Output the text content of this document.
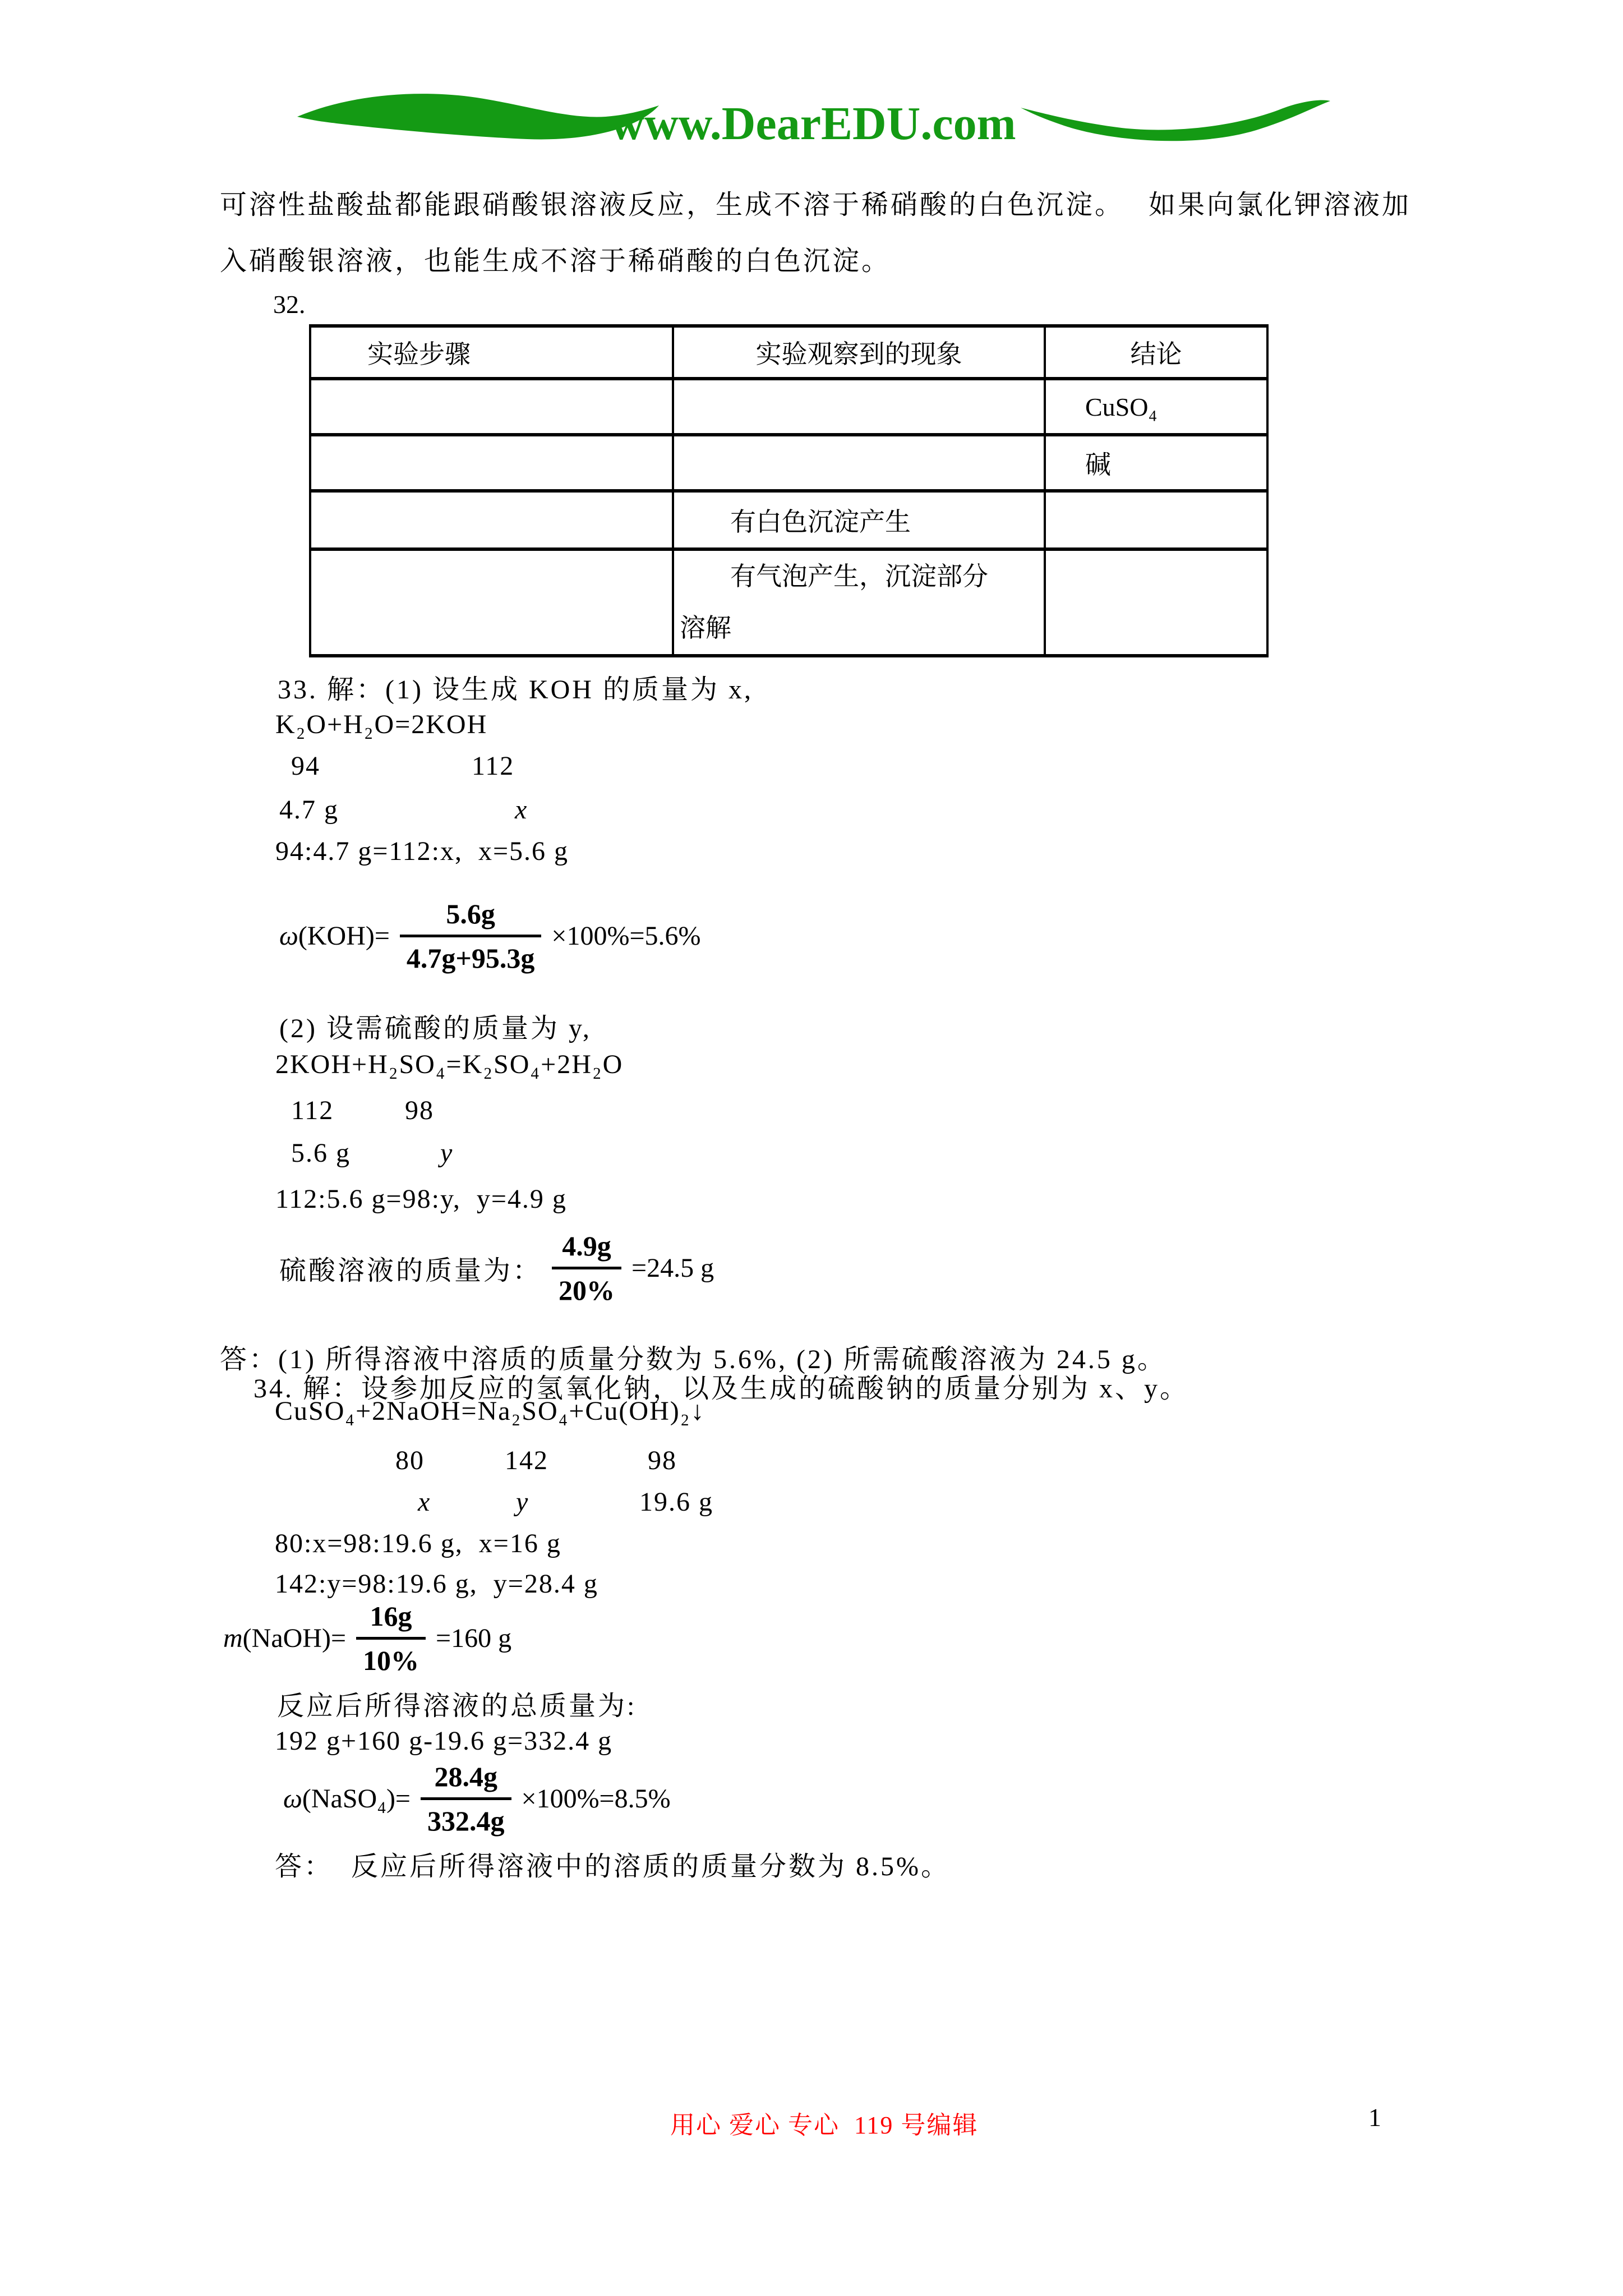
www.DearEDU.com
可溶性盐酸盐都能跟硝酸银溶液反应，生成不溶于稀硝酸的白色沉淀。　 如果向氯化钾溶液加
入硝酸银溶液，也能生成不溶于稀硝酸的白色沉淀。
32.
实验步骤	实验观察到的现象	结论
		CuSO₄
		碱
	有白色沉淀产生	

	有气泡产生，沉淀部分
溶解	

33. 解：(1) 设生成 KOH 的质量为 x,
K₂O+H₂O=2KOH
94	112
4.7 g	x
94:4.7 g=112:x,  x=5.6 g
ω(KOH)=
5.6g
4.7g+95.3g
×100%=5.6%
(2) 设需硫酸的质量为 y,
2KOH+H₂SO₄=K₂SO₄+2H₂O
112	98
5.6 g	y
112:5.6 g=98:y,  y=4.9 g
硫酸溶液的质量为：
4.9g
20%
=24.5 g
答：(1) 所得溶液中溶质的质量分数为 5.6%, (2) 所需硫酸溶液为 24.5 g。
34. 解：设参加反应的氢氧化钠，以及生成的硫酸钠的质量分别为 x、y。
CuSO₄+2NaOH=Na₂SO₄+Cu(OH)₂↓
80	142	98
x	y	19.6 g
80:x=98:19.6 g,  x=16 g
142:y=98:19.6 g,  y=28.4 g
m(NaOH)=
16g
10%
=160 g
反应后所得溶液的总质量为:
192 g+160 g-19.6 g=332.4 g
ω(NaSO₄)=
28.4g
332.4g
×100%=8.5%
答：  反应后所得溶液中的溶质的质量分数为 8.5%。
用心 爱心 专心  119 号编辑	1
